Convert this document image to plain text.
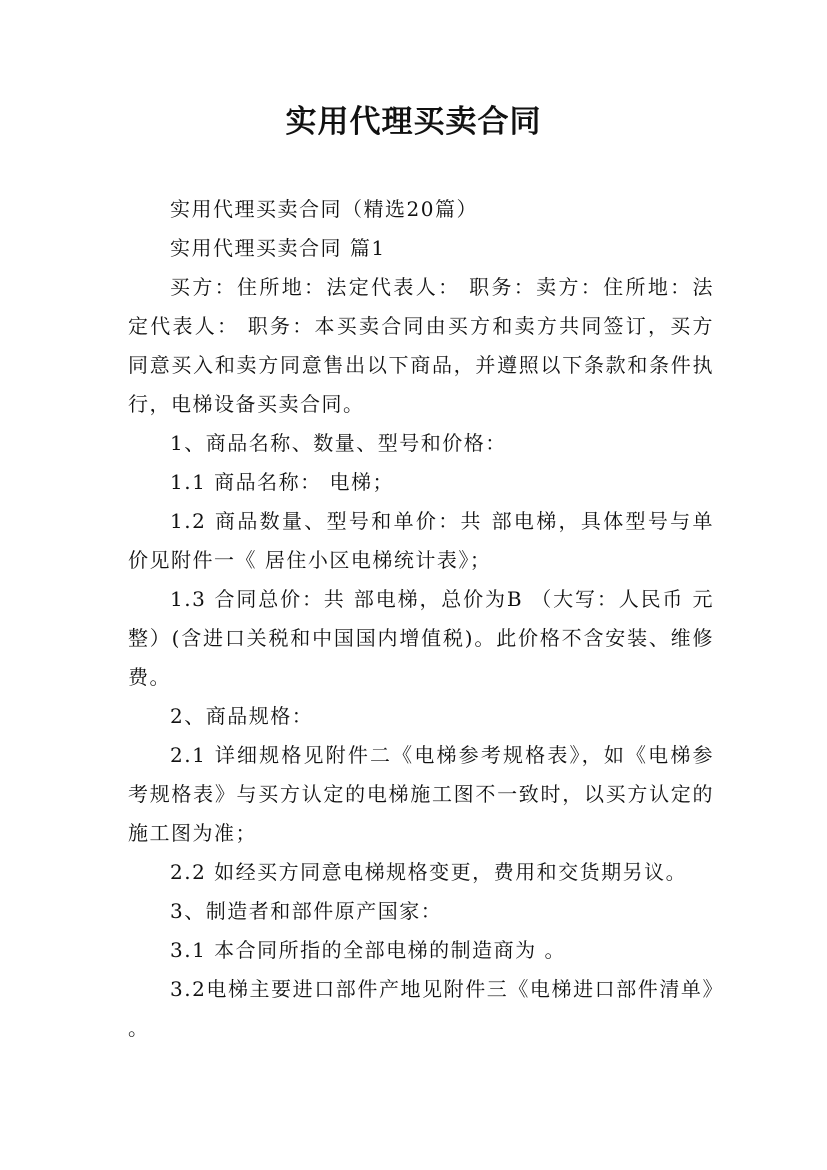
实用代理买卖合同

实用代理买卖合同（精选20篇）

实用代理买卖合同 篇1

买方：住所地：法定代表人： 职务：卖方：住所地：法定代表人： 职务：本买卖合同由买方和卖方共同签订，买方同意买入和卖方同意售出以下商品，并遵照以下条款和条件执行，电梯设备买卖合同。

1、商品名称、数量、型号和价格：

1.1 商品名称： 电梯；

1.2 商品数量、型号和单价：共 部电梯，具体型号与单价见附件一《 居住小区电梯统计表》；

1.3 合同总价：共 部电梯，总价为B （大写：人民币 元整）(含进口关税和中国国内增值税)。此价格不含安装、维修费。

2、商品规格：

2.1 详细规格见附件二《电梯参考规格表》，如《电梯参考规格表》与买方认定的电梯施工图不一致时，以买方认定的施工图为准；

2.2 如经买方同意电梯规格变更，费用和交货期另议。

3、制造者和部件原产国家：

3.1 本合同所指的全部电梯的制造商为 。

3.2电梯主要进口部件产地见附件三《电梯进口部件清单》。
